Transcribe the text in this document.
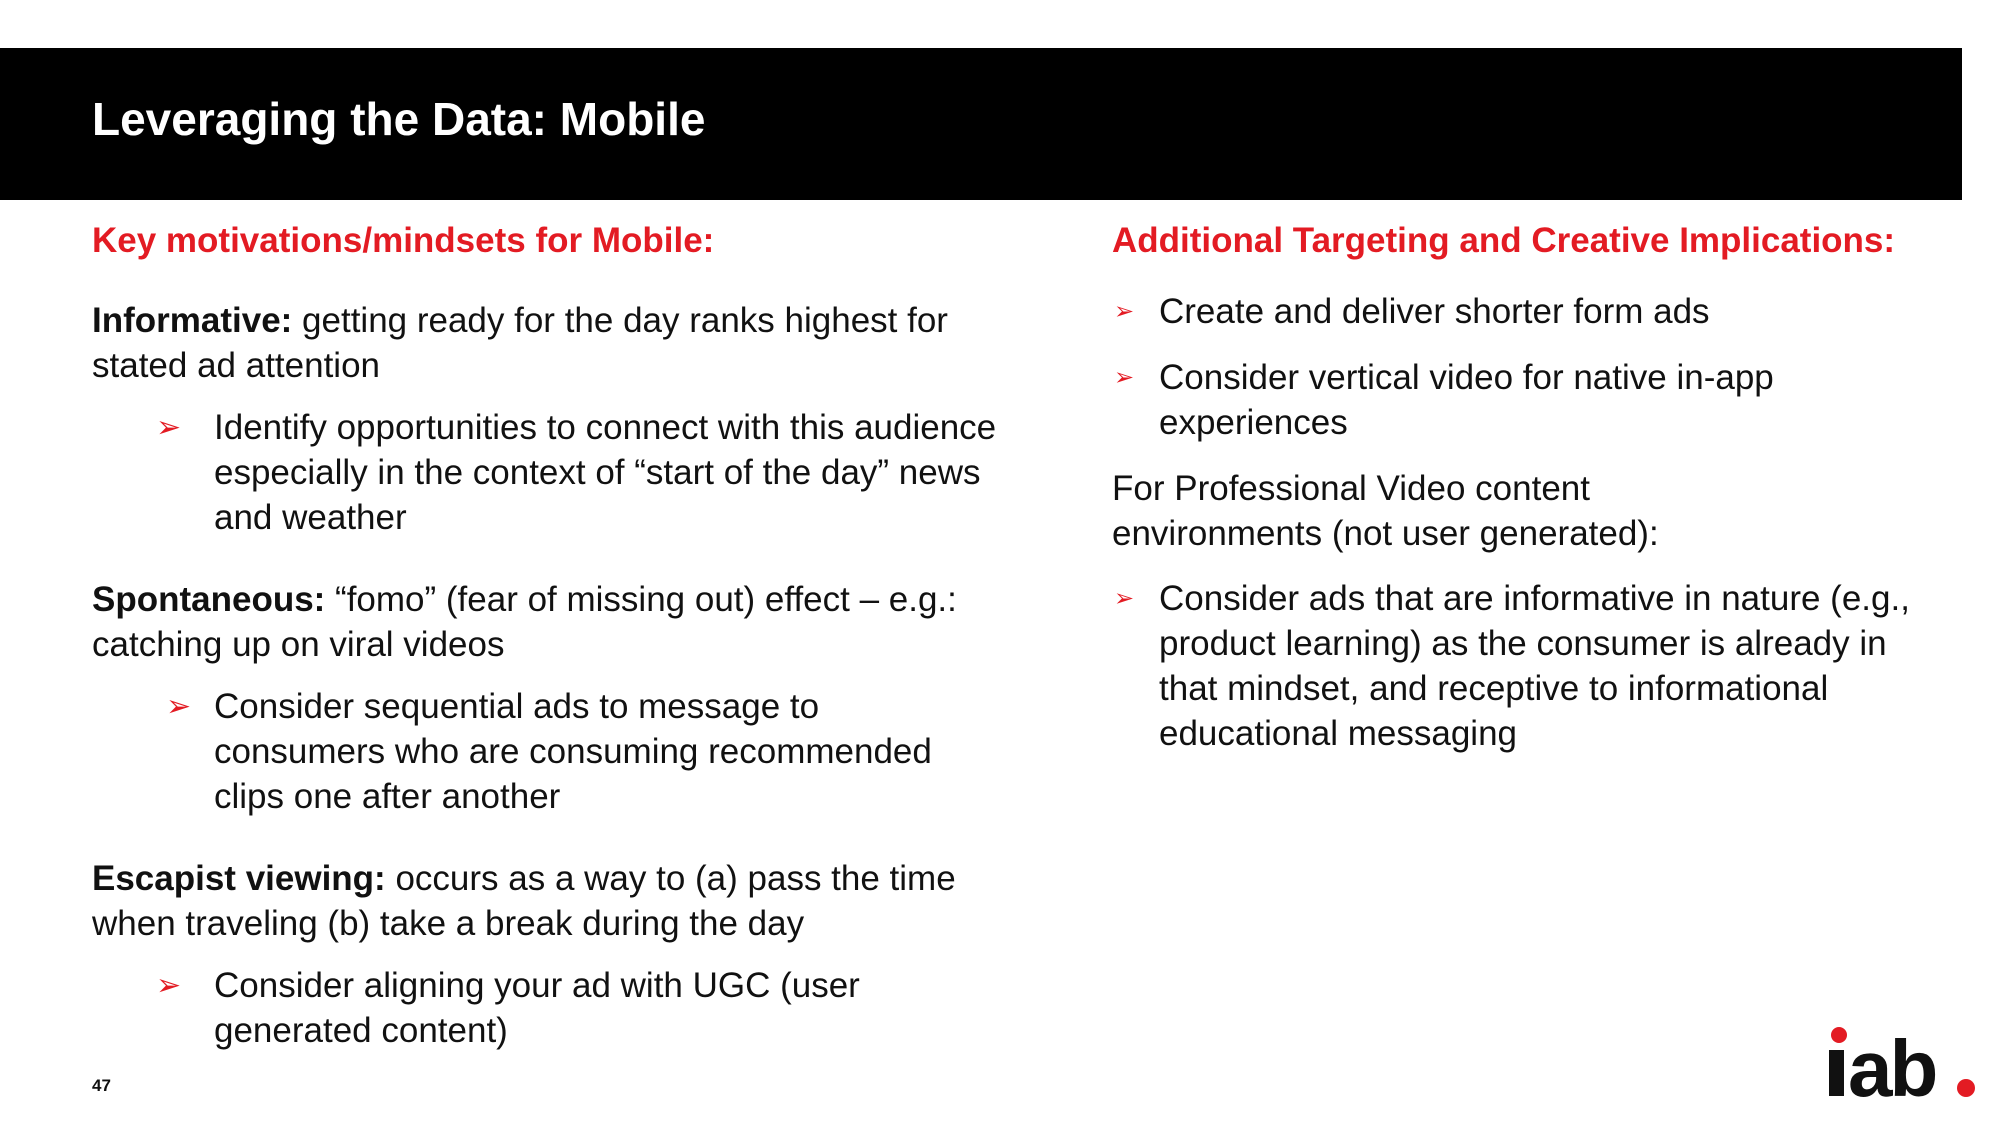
Leveraging the Data: Mobile

Key motivations/mindsets for Mobile:

Informative: getting ready for the day ranks highest for stated ad attention

➢ Identify opportunities to connect with this audience especially in the context of “start of the day” news and weather

Spontaneous: “fomo” (fear of missing out) effect – e.g.: catching up on viral videos

➢ Consider sequential ads to message to consumers who are consuming recommended clips one after another

Escapist viewing: occurs as a way to (a) pass the time when traveling (b) take a break during the day

➢ Consider aligning your ad with UGC (user generated content)

Additional Targeting and Creative Implications:

➢ Create and deliver shorter form ads
➢ Consider vertical video for native in-app experiences

For Professional Video content environments (not user generated):

➢ Consider ads that are informative in nature (e.g., product learning) as the consumer is already in that mindset, and receptive to informational educational messaging
47	ab
